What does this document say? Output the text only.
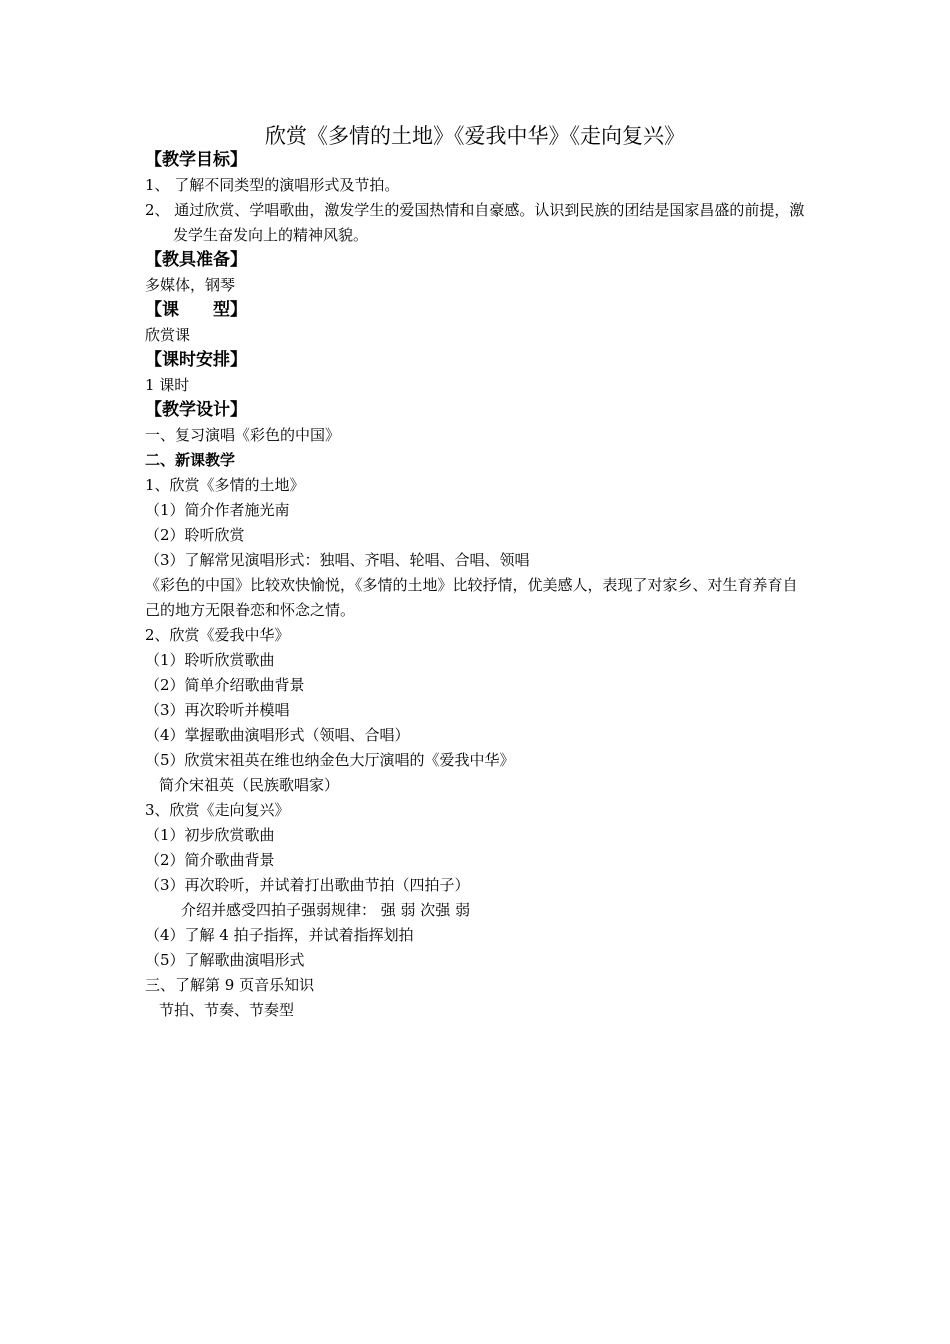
欣赏《多情的土地》《爱我中华》《走向复兴》
【教学目标】
1、 了解不同类型的演唱形式及节拍。
2、 通过欣赏、学唱歌曲，激发学生的爱国热情和自豪感。认识到民族的团结是国家昌盛的前提，激发学生奋发向上的精神风貌。
【教具准备】
多媒体，钢琴
【课　　型】
欣赏课
【课时安排】
1 课时
【教学设计】
一、复习演唱《彩色的中国》
二、新课教学
1、欣赏《多情的土地》
（1）简介作者施光南
（2）聆听欣赏
（3）了解常见演唱形式：独唱、齐唱、轮唱、合唱、领唱
《彩色的中国》比较欢快愉悦，《多情的土地》比较抒情，优美感人，表现了对家乡、对生育养育自己的地方无限眷恋和怀念之情。
2、欣赏《爱我中华》
（1）聆听欣赏歌曲
（2）简单介绍歌曲背景
（3）再次聆听并模唱
（4）掌握歌曲演唱形式（领唱、合唱）
（5）欣赏宋祖英在维也纳金色大厅演唱的《爱我中华》
简介宋祖英（民族歌唱家）
3、欣赏《走向复兴》
（1）初步欣赏歌曲
（2）简介歌曲背景
（3）再次聆听，并试着打出歌曲节拍（四拍子）
介绍并感受四拍子强弱规律： 强 弱 次强 弱
（4）了解 4 拍子指挥，并试着指挥划拍
（5）了解歌曲演唱形式
三、了解第 9 页音乐知识
节拍、节奏、节奏型
